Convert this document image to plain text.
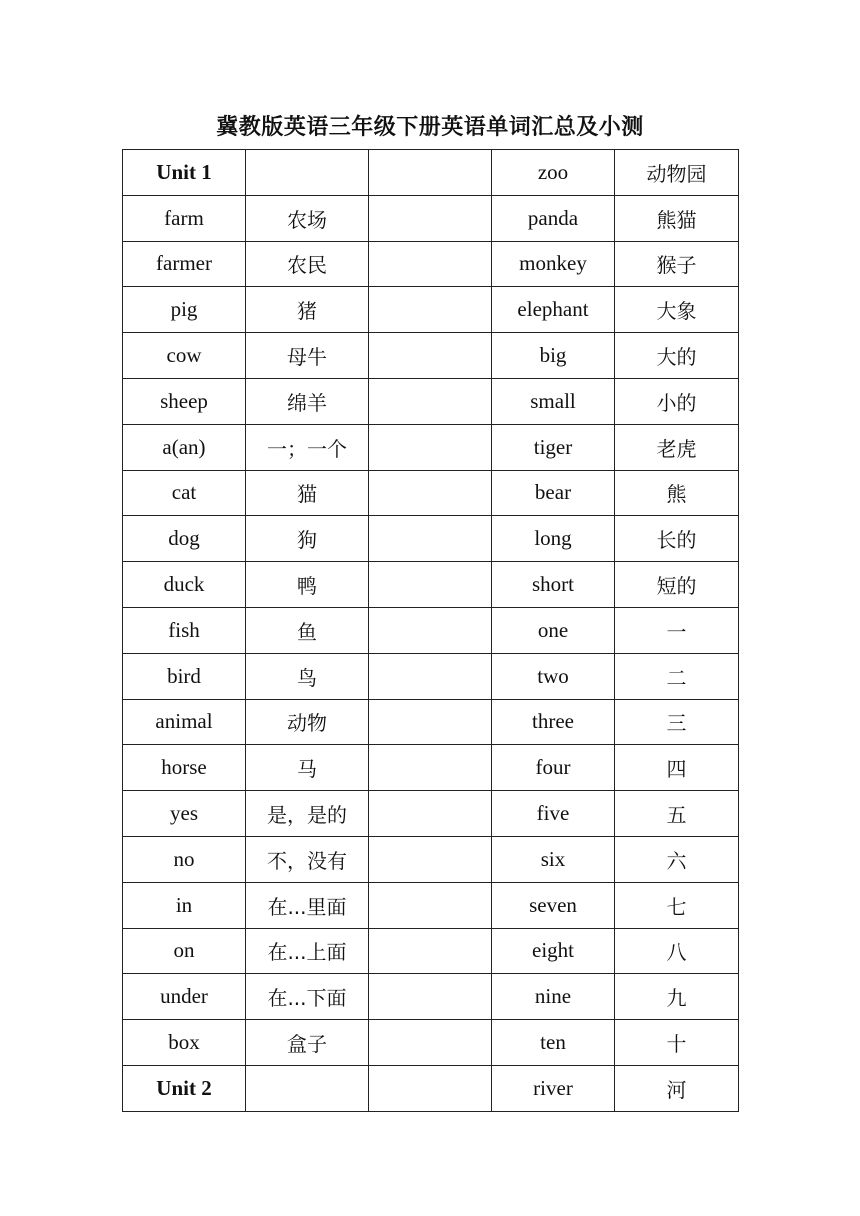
冀教版英语三年级下册英语单词汇总及小测
Unit 1			zoo	动物园
farm	农场		panda	熊猫
farmer	农民		monkey	猴子
pig	猪		elephant	大象
cow	母牛		big	大的
sheep	绵羊		small	小的
a(an)	一；一个		tiger	老虎
cat	猫		bear	熊
dog	狗		long	长的
duck	鸭		short	短的
fish	鱼		one	一
bird	鸟		two	二
animal	动物		three	三
horse	马		four	四
yes	是，是的		five	五
no	不，没有		six	六
in	在...里面		seven	七
on	在...上面		eight	八
under	在...下面		nine	九
box	盒子		ten	十
Unit 2			river	河
